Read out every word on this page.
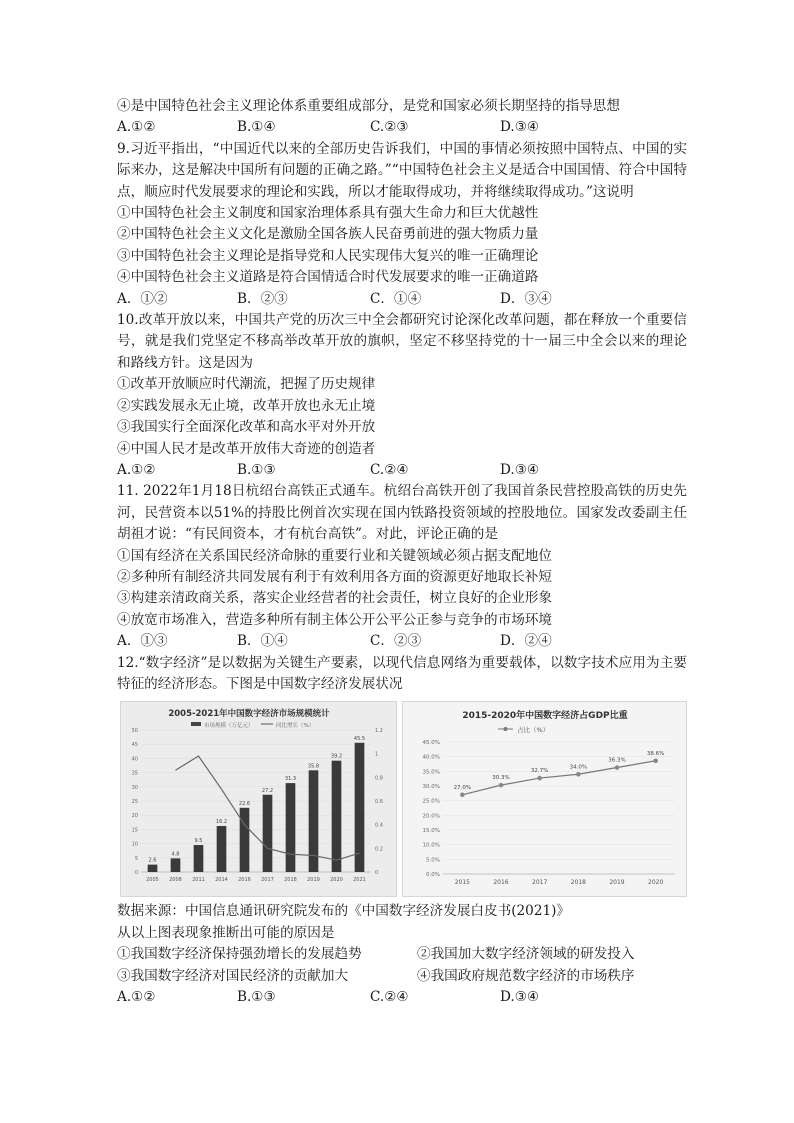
④是中国特色社会主义理论体系重要组成部分，是党和国家必须长期坚持的指导思想
A.①②	B.①④	C.②③	D.③④
9.习近平指出，“中国近代以来的全部历史告诉我们，中国的事情必须按照中国特点、中国的实际来办，这是解决中国所有问题的正确之路。”“中国特色社会主义是适合中国国情、符合中国特点，顺应时代发展要求的理论和实践，所以才能取得成功，并将继续取得成功。”这说明
①中国特色社会主义制度和国家治理体系具有强大生命力和巨大优越性
②中国特色社会主义文化是激励全国各族人民奋勇前进的强大物质力量
③中国特色社会主义理论是指导党和人民实现伟大复兴的唯一正确理论
④中国特色社会主义道路是符合国情适合时代发展要求的唯一正确道路
A．①②	B．②③	C．①④	D．③④
10.改革开放以来，中国共产党的历次三中全会都研究讨论深化改革问题，都在释放一个重要信号，就是我们党坚定不移高举改革开放的旗帜，坚定不移坚持党的十一届三中全会以来的理论和路线方针。这是因为
①改革开放顺应时代潮流，把握了历史规律
②实践发展永无止境，改革开放也永无止境
③我国实行全面深化改革和高水平对外开放
④中国人民才是改革开放伟大奇迹的创造者
A.①②	B.①③	C.②④	D.③④
11. 2022年1月18日杭绍台高铁正式通车。杭绍台高铁开创了我国首条民营控股高铁的历史先河，民营资本以51%的持股比例首次实现在国内铁路投资领域的控股地位。国家发改委副主任胡祖才说：“有民间资本，才有杭台高铁”。对此，评论正确的是
①国有经济在关系国民经济命脉的重要行业和关键领域必须占据支配地位
②多种所有制经济共同发展有利于有效利用各方面的资源更好地取长补短
③构建亲清政商关系，落实企业经营者的社会责任，树立良好的企业形象
④放宽市场准入，营造多种所有制主体公开公平公正参与竞争的市场环境
A．①③	B．①④	C．②③	D．②④
12.“数字经济”是以数据为关键生产要素，以现代信息网络为重要载体，以数字技术应用为主要特征的经济形态。下图是中国数字经济发展状况
2005-2021年中国数字经济市场规模统计
市场规模（万亿元）	同比增长（%）
0
5
10
15
20
25
30
35
40
45
50
0
0.2
0.4
0.6
0.8
1
1.2
2.6
2005
4.8
2008
9.5
2011
16.2
2014
22.6
2016
27.2
2017
31.3
2018
35.8
2019
39.2
2020
45.5
2021
2015-2020年中国数字经济占GDP比重
占比（%）
0.0%
5.0%
10.0%
15.0%
20.0%
25.0%
30.0%
35.0%
40.0%
45.0%
2015	2016	2017	2018	2019	2020
27.0%
30.3%
32.7%
34.0%
36.3%
38.6%
数据来源：中国信息通讯研究院发布的《中国数字经济发展白皮书(2021)》
从以上图表现象推断出可能的原因是
①我国数字经济保持强劲增长的发展趋势	②我国加大数字经济领域的研发投入
③我国数字经济对国民经济的贡献加大	④我国政府规范数字经济的市场秩序
A.①②	B.①③	C.②④	D.③④
